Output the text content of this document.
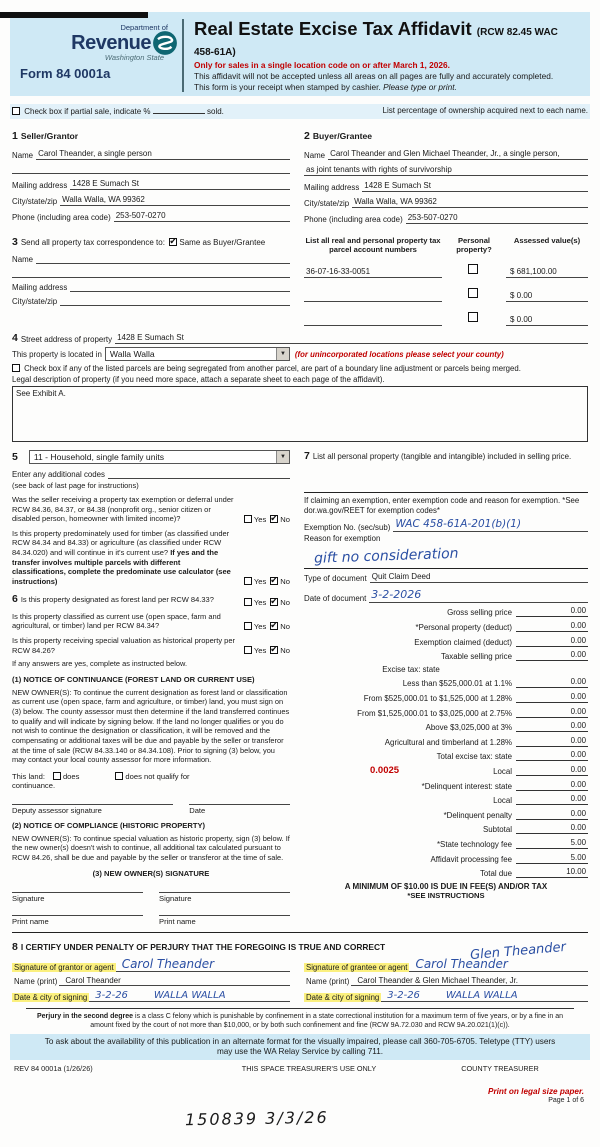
Department of
Revenue
Washington State
Form 84 0001a
Real Estate Excise Tax Affidavit (RCW 82.45 WAC 458-61A)
Only for sales in a single location code on or after March 1, 2026.
This affidavit will not be accepted unless all areas on all pages are fully and accurately completed.
This form is your receipt when stamped by cashier. Please type or print.
Check box if partial sale, indicate %	sold.	List percentage of ownership acquired next to each name.
1 Seller/Grantor
Name Carol Theander, a single person
Mailing address 1428 E Sumach St
City/state/zip Walla Walla, WA 99362
Phone (including area code) 253-507-0270
2 Buyer/Grantee
Name Carol Theander and Glen Michael Theander, Jr., a single person,
as joint tenants with rights of survivorship
Mailing address 1428 E Sumach St
City/state/zip Walla Walla, WA 99362
Phone (including area code) 253-507-0270
3 Send all property tax correspondence to: ✔ Same as Buyer/Grantee
Name
Mailing address
City/state/zip
List all real and personal property tax parcel account numbers
Personal property?
Assessed value(s)
36-07-16-33-0051	$ 681,100.00
$ 0.00
$ 0.00
4 Street address of property 1428 E Sumach St
This property is located in Walla Walla	▼	(for unincorporated locations please select your county)
Check box if any of the listed parcels are being segregated from another parcel, are part of a boundary line adjustment or parcels being merged.
Legal description of property (if you need more space, attach a separate sheet to each page of the affidavit).
See Exhibit A.
5	11 - Household, single family units	▼
Enter any additional codes
(see back of last page for instructions)
Was the seller receiving a property tax exemption or deferral under RCW 84.36, 84.37, or 84.38 (nonprofit org., senior citizen or disabled person, homeowner with limited income)?	Yes ✔ No
Is this property predominately used for timber (as classified under RCW 84.34 and 84.33) or agriculture (as classified under RCW 84.34.020) and will continue in it's current use? If yes and the transfer involves multiple parcels with different classifications, complete the predominate use calculator (see instructions)	Yes ✔ No
6 Is this property designated as forest land per RCW 84.33?	Yes ✔ No
Is this property classified as current use (open space, farm and agricultural, or timber) land per RCW 84.34?	Yes ✔ No
Is this property receiving special valuation as historical property per RCW 84.26?	Yes ✔ No
If any answers are yes, complete as instructed below.
(1) NOTICE OF CONTINUANCE (FOREST LAND OR CURRENT USE)
NEW OWNER(S): To continue the current designation as forest land or classification as current use (open space, farm and agriculture, or timber) land, you must sign on (3) below. The county assessor must then determine if the land transferred continues to qualify and will indicate by signing below. If the land no longer qualifies or you do not wish to continue the designation or classification, it will be removed and the compensating or additional taxes will be due and payable by the seller or transferor at the time of sale (RCW 84.33.140 or 84.34.108). Prior to signing (3) below, you may contact your local county assessor for more information.
This land:	does	does not qualify for
continuance.
Deputy assessor signature	Date
(2) NOTICE OF COMPLIANCE (HISTORIC PROPERTY)
NEW OWNER(S): To continue special valuation as historic property, sign (3) below. If the new owner(s) doesn't wish to continue, all additional tax calculated pursuant to RCW 84.26, shall be due and payable by the seller or transferor at the time of sale.
(3) NEW OWNER(S) SIGNATURE
Signature	Signature
Print name	Print name
7 List all personal property (tangible and intangible) included in selling price.
If claiming an exemption, enter exemption code and reason for exemption. *See dor.wa.gov/REET for exemption codes*
Exemption No. (sec/sub) WAC 458-61A-201(b)(1)
Reason for exemption
gift no consideration
Type of document Quit Claim Deed
Date of document 3-2-2026
Gross selling price	0.00
*Personal property (deduct)	0.00
Exemption claimed (deduct)	0.00
Taxable selling price	0.00
Excise tax: state
Less than $525,000.01 at 1.1%	0.00
From $525,000.01 to $1,525,000 at 1.28%	0.00
From $1,525,000.01 to $3,025,000 at 2.75%	0.00
Above $3,025,000 at 3%	0.00
Agricultural and timberland at 1.28%	0.00
Total excise tax: state	0.00
0.0025	Local	0.00
*Delinquent interest: state	0.00
Local	0.00
*Delinquent penalty	0.00
Subtotal	0.00
*State technology fee	5.00
Affidavit processing fee	5.00
Total due	10.00
A MINIMUM OF $10.00 IS DUE IN FEE(S) AND/OR TAX
*SEE INSTRUCTIONS
8 I CERTIFY UNDER PENALTY OF PERJURY THAT THE FOREGOING IS TRUE AND CORRECT
Signature of grantor or agent Carol Theander
Name (print)	Carol Theander
Date & city of signing 3-2-26	WALLA WALLA
Signature of grantee or agent Carol Theander
Glen Theander
Name (print)	Carol Theander & Glen Michael Theander, Jr.
Date & city of signing 3-2-26	WALLA WALLA
Perjury in the second degree is a class C felony which is punishable by confinement in a state correctional institution for a maximum term of five years, or by a fine in an amount fixed by the court of not more than $10,000, or by both such confinement and fine (RCW 9A.72.030 and RCW 9A.20.021(1)(c)).
To ask about the availability of this publication in an alternate format for the visually impaired, please call 360-705-6705. Teletype (TTY) users may use the WA Relay Service by calling 711.
REV 84 0001a (1/26/26)	THIS SPACE TREASURER'S USE ONLY	COUNTY TREASURER
150839 3/3/26
Print on legal size paper.
Page 1 of 6
